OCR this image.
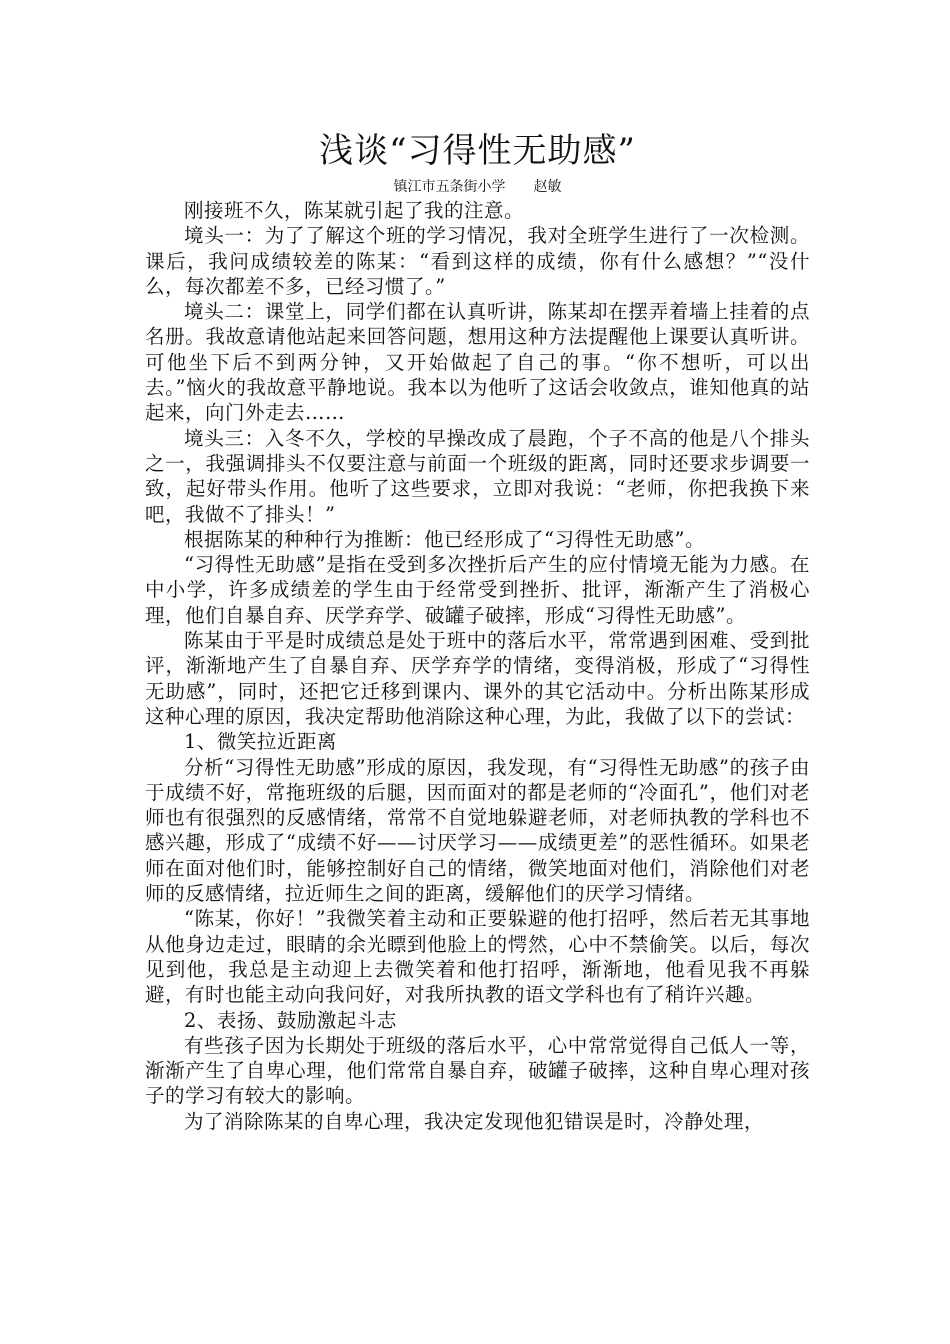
浅谈“习得性无助感”
镇江市五条街小学　　赵敏

刚接班不久，陈某就引起了我的注意。

境头一：为了了解这个班的学习情况，我对全班学生进行了一次检测。课后，我问成绩较差的陈某：“看到这样的成绩，你有什么感想？”“没什么，每次都差不多，已经习惯了。”

境头二：课堂上，同学们都在认真听讲，陈某却在摆弄着墙上挂着的点名册。我故意请他站起来回答问题，想用这种方法提醒他上课要认真听讲。可他坐下后不到两分钟，又开始做起了自己的事。“你不想听，可以出去。”恼火的我故意平静地说。我本以为他听了这话会收敛点，谁知他真的站起来，向门外走去……

境头三：入冬不久，学校的早操改成了晨跑，个子不高的他是八个排头之一，我强调排头不仅要注意与前面一个班级的距离，同时还要求步调要一致，起好带头作用。他听了这些要求，立即对我说：“老师，你把我换下来吧，我做不了排头！”

根据陈某的种种行为推断：他已经形成了“习得性无助感”。

“习得性无助感”是指在受到多次挫折后产生的应付情境无能为力感。在中小学，许多成绩差的学生由于经常受到挫折、批评，渐渐产生了消极心理，他们自暴自弃、厌学弃学、破罐子破摔，形成“习得性无助感”。

陈某由于平是时成绩总是处于班中的落后水平，常常遇到困难、受到批评，渐渐地产生了自暴自弃、厌学弃学的情绪，变得消极，形成了“习得性无助感”，同时，还把它迁移到课内、课外的其它活动中。分析出陈某形成这种心理的原因，我决定帮助他消除这种心理，为此，我做了以下的尝试：

1、微笑拉近距离

分析“习得性无助感”形成的原因，我发现，有“习得性无助感”的孩子由于成绩不好，常拖班级的后腿，因而面对的都是老师的“冷面孔”，他们对老师也有很强烈的反感情绪，常常不自觉地躲避老师，对老师执教的学科也不感兴趣，形成了“成绩不好——讨厌学习——成绩更差”的恶性循环。如果老师在面对他们时，能够控制好自己的情绪，微笑地面对他们，消除他们对老师的反感情绪，拉近师生之间的距离，缓解他们的厌学习情绪。

“陈某，你好！”我微笑着主动和正要躲避的他打招呼，然后若无其事地从他身边走过，眼睛的余光瞟到他脸上的愕然，心中不禁偷笑。以后，每次见到他，我总是主动迎上去微笑着和他打招呼，渐渐地，他看见我不再躲避，有时也能主动向我问好，对我所执教的语文学科也有了稍许兴趣。

2、表扬、鼓励激起斗志

有些孩子因为长期处于班级的落后水平，心中常常觉得自己低人一等，渐渐产生了自卑心理，他们常常自暴自弃，破罐子破摔，这种自卑心理对孩子的学习有较大的影响。

为了消除陈某的自卑心理，我决定发现他犯错误是时，冷静处理，
